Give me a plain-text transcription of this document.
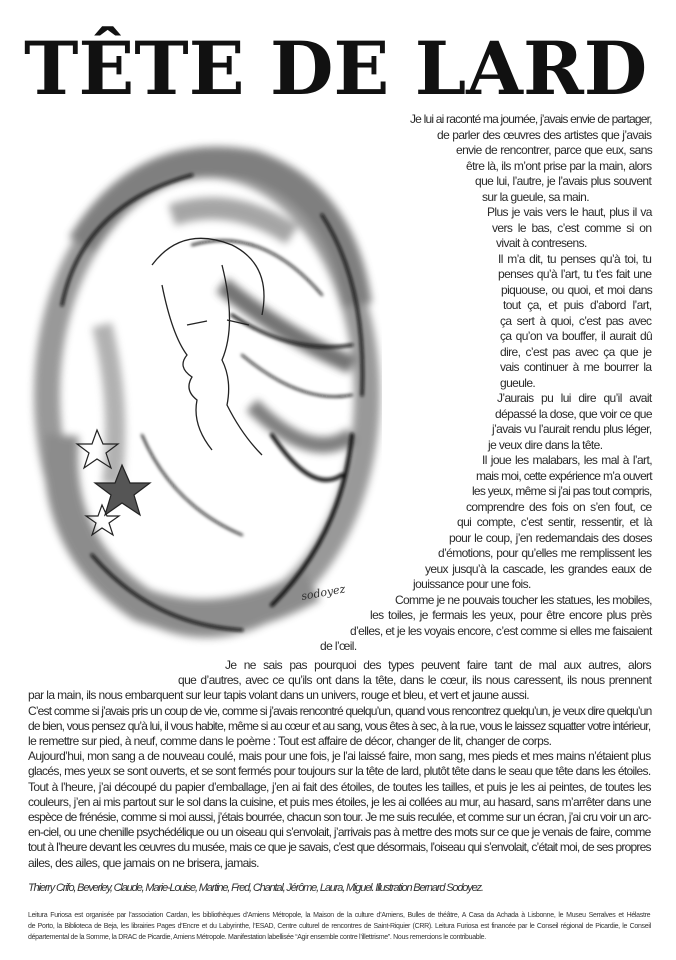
TÊTE DE LARD
sodoyez
Je lui ai raconté ma journée, j’avais envie de partager,
de parler des œuvres des artistes que j’avais
envie de rencontrer, parce que eux, sans
être là, ils m’ont prise par la main, alors
que lui, l’autre, je l’avais plus souvent
sur la gueule, sa main.
Plus je vais vers le haut, plus il va
vers le bas, c’est comme si on
vivait à contresens.
Il m’a dit, tu penses qu’à toi, tu
penses qu’à l’art, tu t’es fait une
piquouse, ou quoi, et moi dans
tout ça, et puis d’abord l’art,
ça sert à quoi, c’est pas avec
ça qu’on va bouffer, il aurait dû
dire, c’est pas avec ça que je
vais continuer à me bourrer la
gueule.
J’aurais pu lui dire qu’il avait
dépassé la dose, que voir ce que
j’avais vu l’aurait rendu plus léger,
je veux dire dans la tête.
Il joue les malabars, les mal à l’art,
mais moi, cette expérience m’a ouvert
les yeux, même si j’ai pas tout compris,
comprendre des fois on s’en fout, ce
qui compte, c’est sentir, ressentir, et là
pour le coup, j’en redemandais des doses
d’émotions, pour qu’elles me remplissent les
yeux jusqu’à la cascade, les grandes eaux de
jouissance pour une fois.
Comme je ne pouvais toucher les statues, les mobiles,
les toiles, je fermais les yeux, pour être encore plus près
d’elles, et je les voyais encore, c’est comme si elles me faisaient
de l’œil.
Je ne sais pas pourquoi des types peuvent faire tant de mal aux autres, alors
que d’autres, avec ce qu’ils ont dans la tête, dans le cœur, ils nous caressent, ils nous prennent
par la main, ils nous embarquent sur leur tapis volant dans un univers, rouge et bleu, et vert et jaune aussi.
C’est comme si j’avais pris un coup de vie, comme si j’avais rencontré quelqu’un, quand vous rencontrez quelqu’un, je veux dire quelqu’un
de bien, vous pensez qu’à lui, il vous habite, même si au cœur et au sang, vous êtes à sec, à la rue, vous le laissez squatter votre intérieur,
le remettre sur pied, à neuf, comme dans le poème : Tout est affaire de décor, changer de lit, changer de corps.
Aujourd’hui, mon sang a de nouveau coulé, mais pour une fois, je l’ai laissé faire, mon sang, mes pieds et mes mains n’étaient plus
glacés, mes yeux se sont ouverts, et se sont fermés pour toujours sur la tête de lard, plutôt tête dans le seau que tête dans les étoiles.
Tout à l’heure, j’ai découpé du papier d’emballage, j’en ai fait des étoiles, de toutes les tailles, et puis je les ai peintes, de toutes les
couleurs, j’en ai mis partout sur le sol dans la cuisine, et puis mes étoiles, je les ai collées au mur, au hasard, sans m’arrêter dans une
espèce de frénésie, comme si moi aussi, j’étais bourrée, chacun son tour. Je me suis reculée, et comme sur un écran, j’ai cru voir un arc-
en-ciel, ou une chenille psychédélique ou un oiseau qui s’envolait, j’arrivais pas à mettre des mots sur ce que je venais de faire, comme
tout à l’heure devant les œuvres du musée, mais ce que je savais, c’est que désormais, l’oiseau qui s’envolait, c’était moi, de ses propres
ailes, des ailes, que jamais on ne brisera, jamais.
Thierry Crifo, Beverley, Claude, Marie-Louise, Martine, Fred, Chantal, Jérôme, Laura, Miguel. Illustration Bernard Sodoyez.
Leitura Furiosa est organisée par l’association Cardan, les bibliothèques d’Amiens Métropole, la Maison de la culture d’Amiens, Bulles de théâtre, A Casa da Achada à Lisbonne, le Museu Serralves et Hélastre
de Porto, la Biblioteca de Beja, les librairies Pages d’Encre et du Labyrinthe, l’ESAD, Centre culturel de rencontres de Saint-Riquier (CRR). Leitura Furiosa est financée par le Conseil régional de Picardie, le Conseil
départemental de la Somme, la DRAC de Picardie, Amiens Métropole. Manifestation labellisée “Agir ensemble contre l’illettrisme”. Nous remercions le contribuable.
